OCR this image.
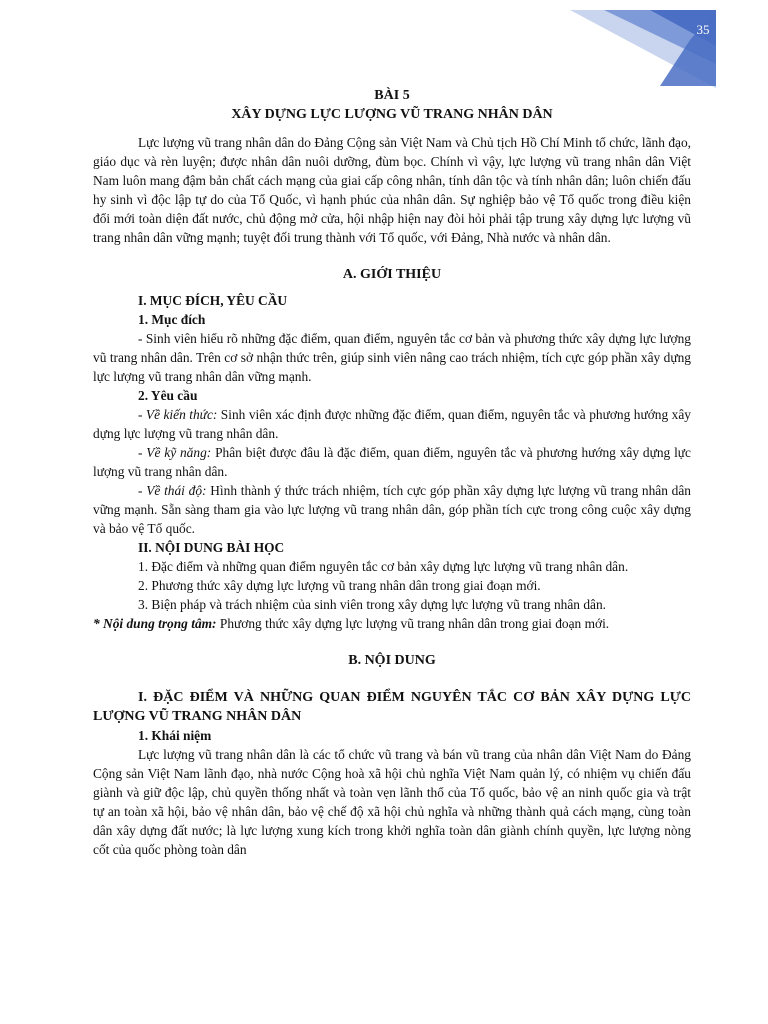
35

BÀI 5

XÂY DỰNG LỰC LƯỢNG VŨ TRANG NHÂN DÂN

Lực lượng vũ trang nhân dân do Đảng Cộng sản Việt Nam và Chủ tịch Hồ Chí Minh tổ chức, lãnh đạo, giáo dục và rèn luyện; được nhân dân nuôi dưỡng, đùm bọc. Chính vì vậy, lực lượng vũ trang nhân dân Việt Nam luôn mang đậm bản chất cách mạng của giai cấp công nhân, tính dân tộc và tính nhân dân; luôn chiến đấu hy sinh vì độc lập tự do của Tổ Quốc, vì hạnh phúc của nhân dân. Sự nghiệp bảo vệ Tổ quốc trong điều kiện đổi mới toàn diện đất nước, chủ động mở cửa, hội nhập hiện nay đòi hỏi phải tập trung xây dựng lực lượng vũ trang nhân dân vững mạnh; tuyệt đối trung thành với Tổ quốc, với Đảng, Nhà nước và nhân dân.

A. GIỚI THIỆU

I. MỤC ĐÍCH, YÊU CẦU

1. Mục đích

- Sinh viên hiểu rõ những đặc điểm, quan điểm, nguyên tắc cơ bản và phương thức xây dựng lực lượng vũ trang nhân dân. Trên cơ sở nhận thức trên, giúp sinh viên nâng cao trách nhiệm, tích cực góp phần xây dựng lực lượng vũ trang nhân dân vững mạnh.

2. Yêu cầu

- Về kiến thức: Sinh viên xác định được những đặc điểm, quan điểm, nguyên tắc và phương hướng xây dựng lực lượng vũ trang nhân dân.

- Về kỹ năng: Phân biệt được đâu là đặc điểm, quan điểm, nguyên tắc và phương hướng xây dựng lực lượng vũ trang nhân dân.

- Về thái độ: Hình thành ý thức trách nhiệm, tích cực góp phần xây dựng lực lượng vũ trang nhân dân vững mạnh. Sẵn sàng tham gia vào lực lượng vũ trang nhân dân, góp phần tích cực trong công cuộc xây dựng và bảo vệ Tổ quốc.

II. NỘI DUNG BÀI HỌC

1. Đặc điểm và những quan điểm nguyên tắc cơ bản xây dựng lực lượng vũ trang nhân dân.

2. Phương thức xây dựng lực lượng vũ trang nhân dân trong giai đoạn mới.

3. Biện pháp và trách nhiệm của sinh viên trong xây dựng lực lượng vũ trang nhân dân.

* Nội dung trọng tâm: Phương thức xây dựng lực lượng vũ trang nhân dân trong giai đoạn mới.

B. NỘI DUNG

I. ĐẶC ĐIỂM VÀ NHỮNG QUAN ĐIỂM NGUYÊN TẮC CƠ BẢN XÂY DỰNG LỰC LƯỢNG VŨ TRANG NHÂN DÂN

1. Khái niệm

Lực lượng vũ trang nhân dân là các tổ chức vũ trang và bán vũ trang của nhân dân Việt Nam do Đảng Cộng sản Việt Nam lãnh đạo, nhà nước Cộng hoà xã hội chủ nghĩa Việt Nam quản lý, có nhiệm vụ chiến đấu giành và giữ độc lập, chủ quyền thống nhất và toàn vẹn lãnh thổ của Tổ quốc, bảo vệ an ninh quốc gia và trật tự an toàn xã hội, bảo vệ nhân dân, bảo vệ chế độ xã hội chủ nghĩa và những thành quả cách mạng, cùng toàn dân xây dựng đất nước; là lực lượng xung kích trong khởi nghĩa toàn dân giành chính quyền, lực lượng nòng cốt của quốc phòng toàn dân
